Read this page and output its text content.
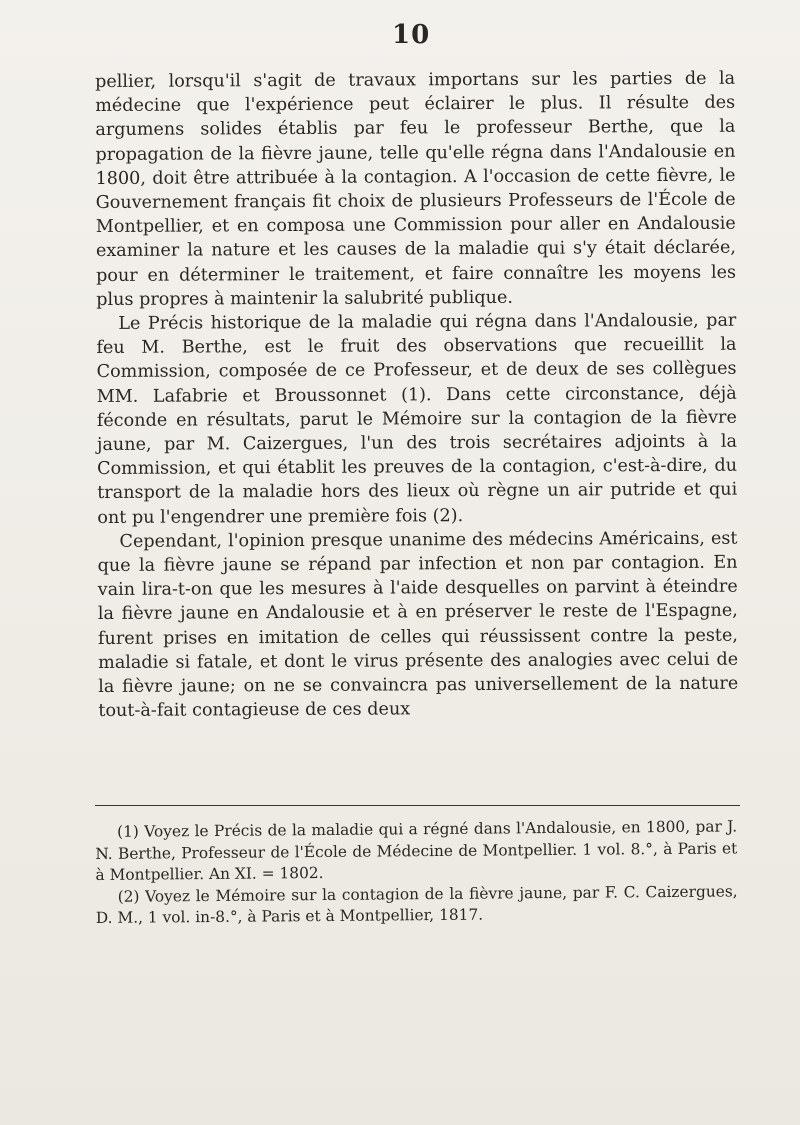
10

pellier, lorsqu'il s'agit de travaux importans sur les parties de la médecine que l'expérience peut éclairer le plus. Il résulte des argumens solides établis par feu le professeur Berthe, que la propagation de la fièvre jaune, telle qu'elle régna dans l'Andalousie en 1800, doit être attribuée à la contagion. A l'occasion de cette fièvre, le Gouvernement français fit choix de plusieurs Professeurs de l'École de Montpellier, et en composa une Commission pour aller en Andalousie examiner la nature et les causes de la maladie qui s'y était déclarée, pour en déterminer le traitement, et faire connaître les moyens les plus propres à maintenir la salubrité publique.

Le Précis historique de la maladie qui régna dans l'Andalousie, par feu M. Berthe, est le fruit des observations que recueillit la Commission, composée de ce Professeur, et de deux de ses collègues MM. Lafabrie et Broussonnet (1). Dans cette circonstance, déjà féconde en résultats, parut le Mémoire sur la contagion de la fièvre jaune, par M. Caizergues, l'un des trois secrétaires adjoints à la Commission, et qui établit les preuves de la contagion, c'est-à-dire, du transport de la maladie hors des lieux où règne un air putride et qui ont pu l'engendrer une première fois (2).

Cependant, l'opinion presque unanime des médecins Américains, est que la fièvre jaune se répand par infection et non par contagion. En vain lira-t-on que les mesures à l'aide desquelles on parvint à éteindre la fièvre jaune en Andalousie et à en préserver le reste de l'Espagne, furent prises en imitation de celles qui réussissent contre la peste, maladie si fatale, et dont le virus présente des analogies avec celui de la fièvre jaune; on ne se convaincra pas universellement de la nature tout-à-fait contagieuse de ces deux

(1) Voyez le Précis de la maladie qui a régné dans l'Andalousie, en 1800, par J. N. Berthe, Professeur de l'École de Médecine de Montpellier. 1 vol. 8.°, à Paris et à Montpellier. An XI. = 1802.

(2) Voyez le Mémoire sur la contagion de la fièvre jaune, par F. C. Caizergues, D. M., 1 vol. in-8.°, à Paris et à Montpellier, 1817.
